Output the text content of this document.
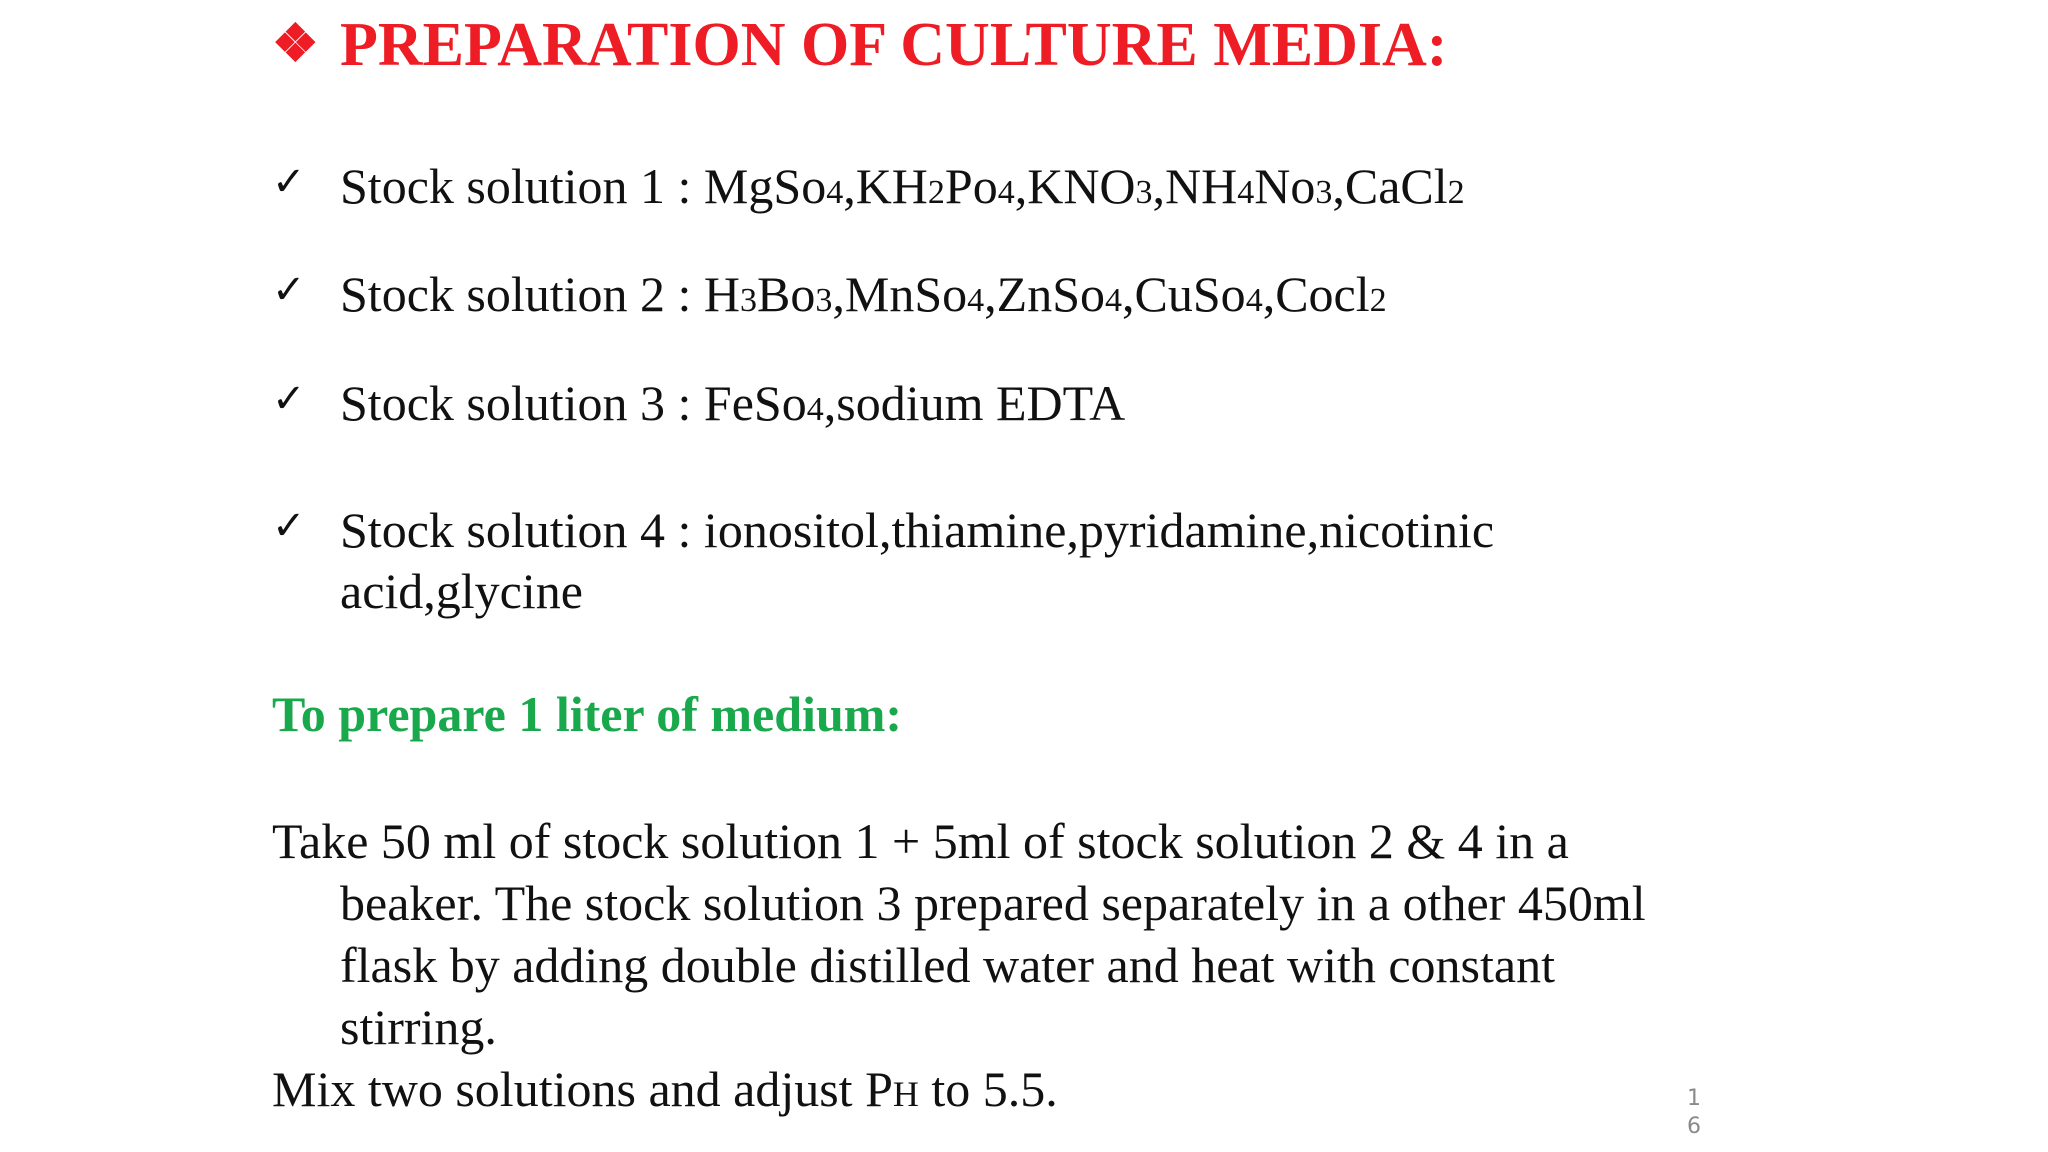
❖ PREPARATION OF CULTURE MEDIA:
✓ Stock solution 1 : MgSo4,KH2Po4,KNO3,NH4No3,CaCl2
✓ Stock solution 2 : H3Bo3,MnSo4,ZnSo4,CuSo4,Cocl2
✓ Stock solution 3 : FeSo4,sodium EDTA
✓ Stock solution 4 : ionositol,thiamine,pyridamine,nicotinic acid,glycine
To prepare 1 liter of medium:
Take 50 ml of stock solution 1 + 5ml of stock solution 2 & 4 in a
beaker. The stock solution 3 prepared separately in a other 450ml
flask by adding double distilled water and heat with constant
stirring.
Mix two solutions and adjust PH to 5.5.	16
